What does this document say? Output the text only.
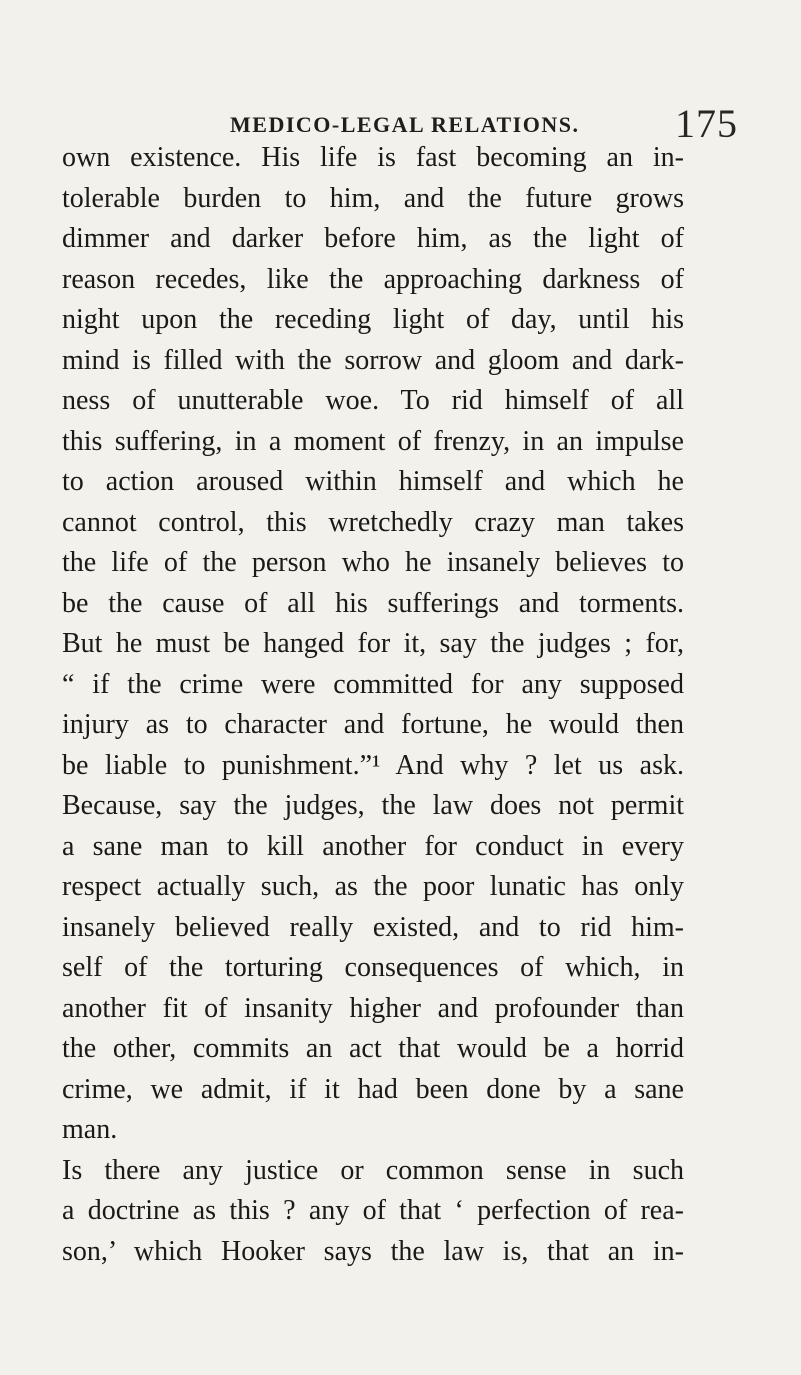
MEDICO-LEGAL RELATIONS.	175
own existence. His life is fast becoming an in-
tolerable burden to him, and the future grows
dimmer and darker before him, as the light of
reason recedes, like the approaching darkness of
night upon the receding light of day, until his
mind is filled with the sorrow and gloom and dark-
ness of unutterable woe. To rid himself of all
this suffering, in a moment of frenzy, in an impulse
to action aroused within himself and which he
cannot control, this wretchedly crazy man takes
the life of the person who he insanely believes to
be the cause of all his sufferings and torments.
But he must be hanged for it, say the judges ; for,
“ if the crime were committed for any supposed
injury as to character and fortune, he would then
be liable to punishment.”¹ And why ? let us ask.
Because, say the judges, the law does not permit
a sane man to kill another for conduct in every
respect actually such, as the poor lunatic has only
insanely believed really existed, and to rid him-
self of the torturing consequences of which, in
another fit of insanity higher and profounder than
the other, commits an act that would be a horrid
crime, we admit, if it had been done by a sane
man.
Is there any justice or common sense in such
a doctrine as this ? any of that ‘ perfection of rea-
son,’ which Hooker says the law is, that an in-
